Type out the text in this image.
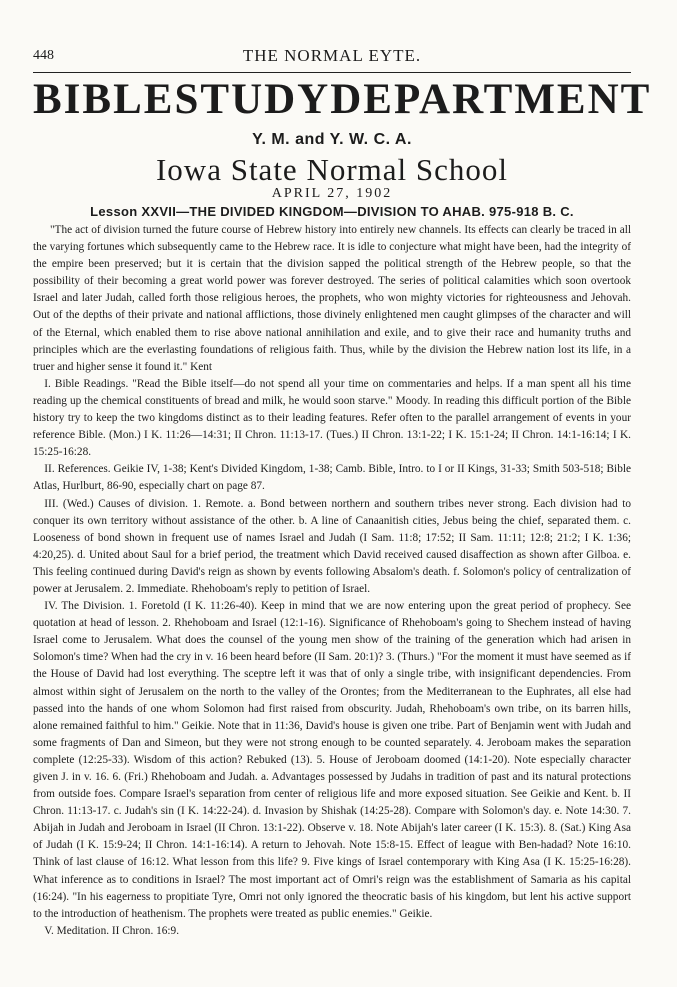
448	THE NORMAL EYTE.
BIBLE STUDY DEPARTMENT
Y. M. and Y. W. C. A.
Iowa State Normal School
APRIL 27, 1902
Lesson XXVII—THE DIVIDED KINGDOM—DIVISION TO AHAB. 975-918 B. C.

"The act of division turned the future course of Hebrew history into entirely new channels. Its effects can clearly be traced in all the varying fortunes which subsequently came to the Hebrew race. It is idle to conjecture what might have been, had the integrity of the empire been preserved; but it is certain that the division sapped the political strength of the Hebrew people, so that the possibility of their becoming a great world power was forever destroyed. The series of political calamities which soon overtook Israel and later Judah, called forth those religious heroes, the prophets, who won mighty victories for righteousness and Jehovah. Out of the depths of their private and national afflictions, those divinely enlightened men caught glimpses of the character and will of the Eternal, which enabled them to rise above national annihilation and exile, and to give their race and humanity truths and principles which are the everlasting foundations of religious faith. Thus, while by the division the Hebrew nation lost its life, in a truer and higher sense it found it." Kent

I. Bible Readings. "Read the Bible itself—do not spend all your time on commentaries and helps. If a man spent all his time reading up the chemical constituents of bread and milk, he would soon starve." Moody. In reading this difficult portion of the Bible history try to keep the two kingdoms distinct as to their leading features. Refer often to the parallel arrangement of events in your reference Bible. (Mon.) I K. 11:26—14:31; II Chron. 11:13-17. (Tues.) II Chron. 13:1-22; I K. 15:1-24; II Chron. 14:1-16:14; I K. 15:25-16:28.

II. References. Geikie IV, 1-38; Kent's Divided Kingdom, 1-38; Camb. Bible, Intro. to I or II Kings, 31-33; Smith 503-518; Bible Atlas, Hurlburt, 86-90, especially chart on page 87.

III. (Wed.) Causes of division. 1. Remote. a. Bond between northern and southern tribes never strong. Each division had to conquer its own territory without assistance of the other. b. A line of Canaanitish cities, Jebus being the chief, separated them. c. Looseness of bond shown in frequent use of names Israel and Judah (I Sam. 11:8; 17:52; II Sam. 11:11; 12:8; 21:2; I K. 1:36; 4:20,25). d. United about Saul for a brief period, the treatment which David received caused disaffection as shown after Gilboa. e. This feeling continued during David's reign as shown by events following Absalom's death. f. Solomon's policy of centralization of power at Jerusalem. 2. Immediate. Rhehoboam's reply to petition of Israel.

IV. The Division. 1. Foretold (I K. 11:26-40). Keep in mind that we are now entering upon the great period of prophecy. See quotation at head of lesson. 2. Rhehoboam and Israel (12:1-16). Significance of Rhehoboam's going to Shechem instead of having Israel come to Jerusalem. What does the counsel of the young men show of the training of the generation which had arisen in Solomon's time? When had the cry in v. 16 been heard before (II Sam. 20:1)? 3. (Thurs.) "For the moment it must have seemed as if the House of David had lost everything. The sceptre left it was that of only a single tribe, with insignificant dependencies. From almost within sight of Jerusalem on the north to the valley of the Orontes; from the Mediterranean to the Euphrates, all else had passed into the hands of one whom Solomon had first raised from obscurity. Judah, Rhehoboam's own tribe, on its barren hills, alone remained faithful to him." Geikie. Note that in 11:36, David's house is given one tribe. Part of Benjamin went with Judah and some fragments of Dan and Simeon, but they were not strong enough to be counted separately. 4. Jeroboam makes the separation complete (12:25-33). Wisdom of this action? Rebuked (13). 5. House of Jeroboam doomed (14:1-20). Note especially character given J. in v. 16. 6. (Fri.) Rhehoboam and Judah. a. Advantages possessed by Judahs in tradition of past and its natural protections from outside foes. Compare Israel's separation from center of religious life and more exposed situation. See Geikie and Kent. b. II Chron. 11:13-17. c. Judah's sin (I K. 14:22-24). d. Invasion by Shishak (14:25-28). Compare with Solomon's day. e. Note 14:30. 7. Abijah in Judah and Jeroboam in Israel (II Chron. 13:1-22). Observe v. 18. Note Abijah's later career (I K. 15:3). 8. (Sat.) King Asa of Judah (I K. 15:9-24; II Chron. 14:1-16:14). A return to Jehovah. Note 15:8-15. Effect of league with Ben-hadad? Note 16:10. Think of last clause of 16:12. What lesson from this life? 9. Five kings of Israel contemporary with King Asa (I K. 15:25-16:28). What inference as to conditions in Israel? The most important act of Omri's reign was the establishment of Samaria as his capital (16:24). "In his eagerness to propitiate Tyre, Omri not only ignored the theocratic basis of his kingdom, but lent his active support to the introduction of heathenism. The prophets were treated as public enemies." Geikie.

V. Meditation. II Chron. 16:9.
